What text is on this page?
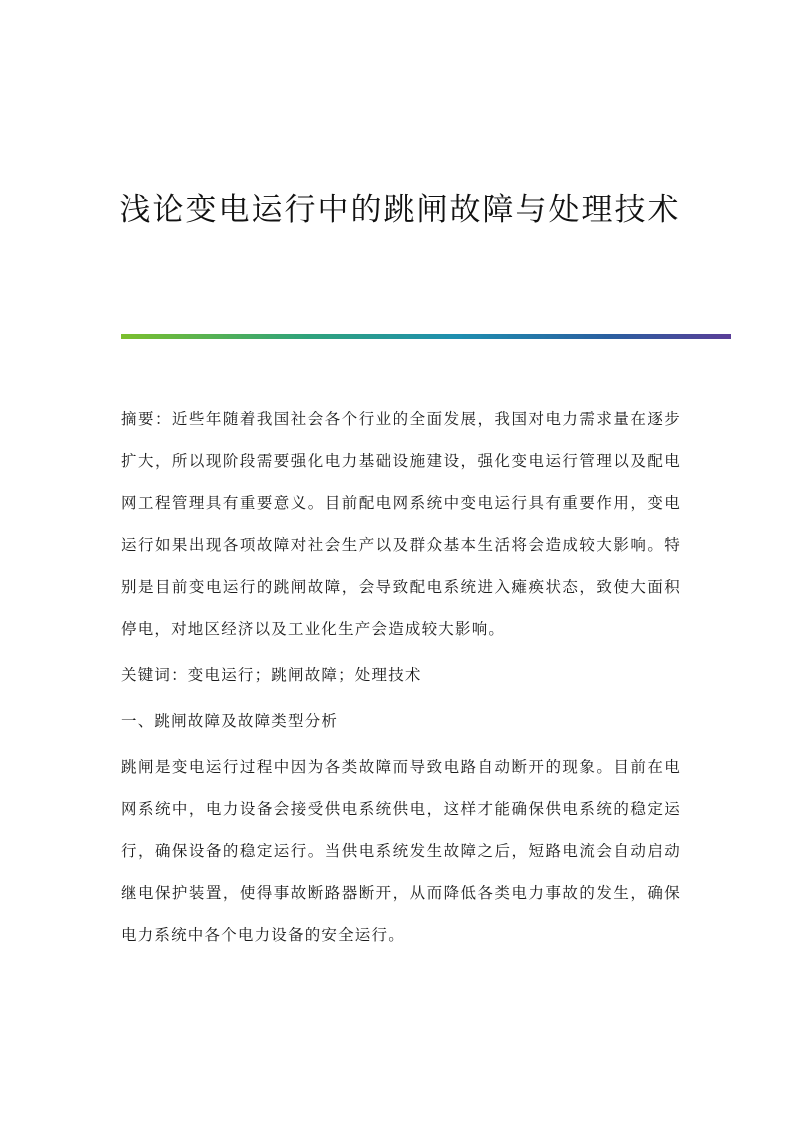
浅论变电运行中的跳闸故障与处理技术

摘要：近些年随着我国社会各个行业的全面发展，我国对电力需求量在逐步扩大，所以现阶段需要强化电力基础设施建设，强化变电运行管理以及配电网工程管理具有重要意义。目前配电网系统中变电运行具有重要作用，变电运行如果出现各项故障对社会生产以及群众基本生活将会造成较大影响。特别是目前变电运行的跳闸故障，会导致配电系统进入瘫痪状态，致使大面积停电，对地区经济以及工业化生产会造成较大影响。

关键词：变电运行；跳闸故障；处理技术

一、跳闸故障及故障类型分析

跳闸是变电运行过程中因为各类故障而导致电路自动断开的现象。目前在电网系统中，电力设备会接受供电系统供电，这样才能确保供电系统的稳定运行，确保设备的稳定运行。当供电系统发生故障之后，短路电流会自动启动继电保护装置，使得事故断路器断开，从而降低各类电力事故的发生，确保电力系统中各个电力设备的安全运行。
